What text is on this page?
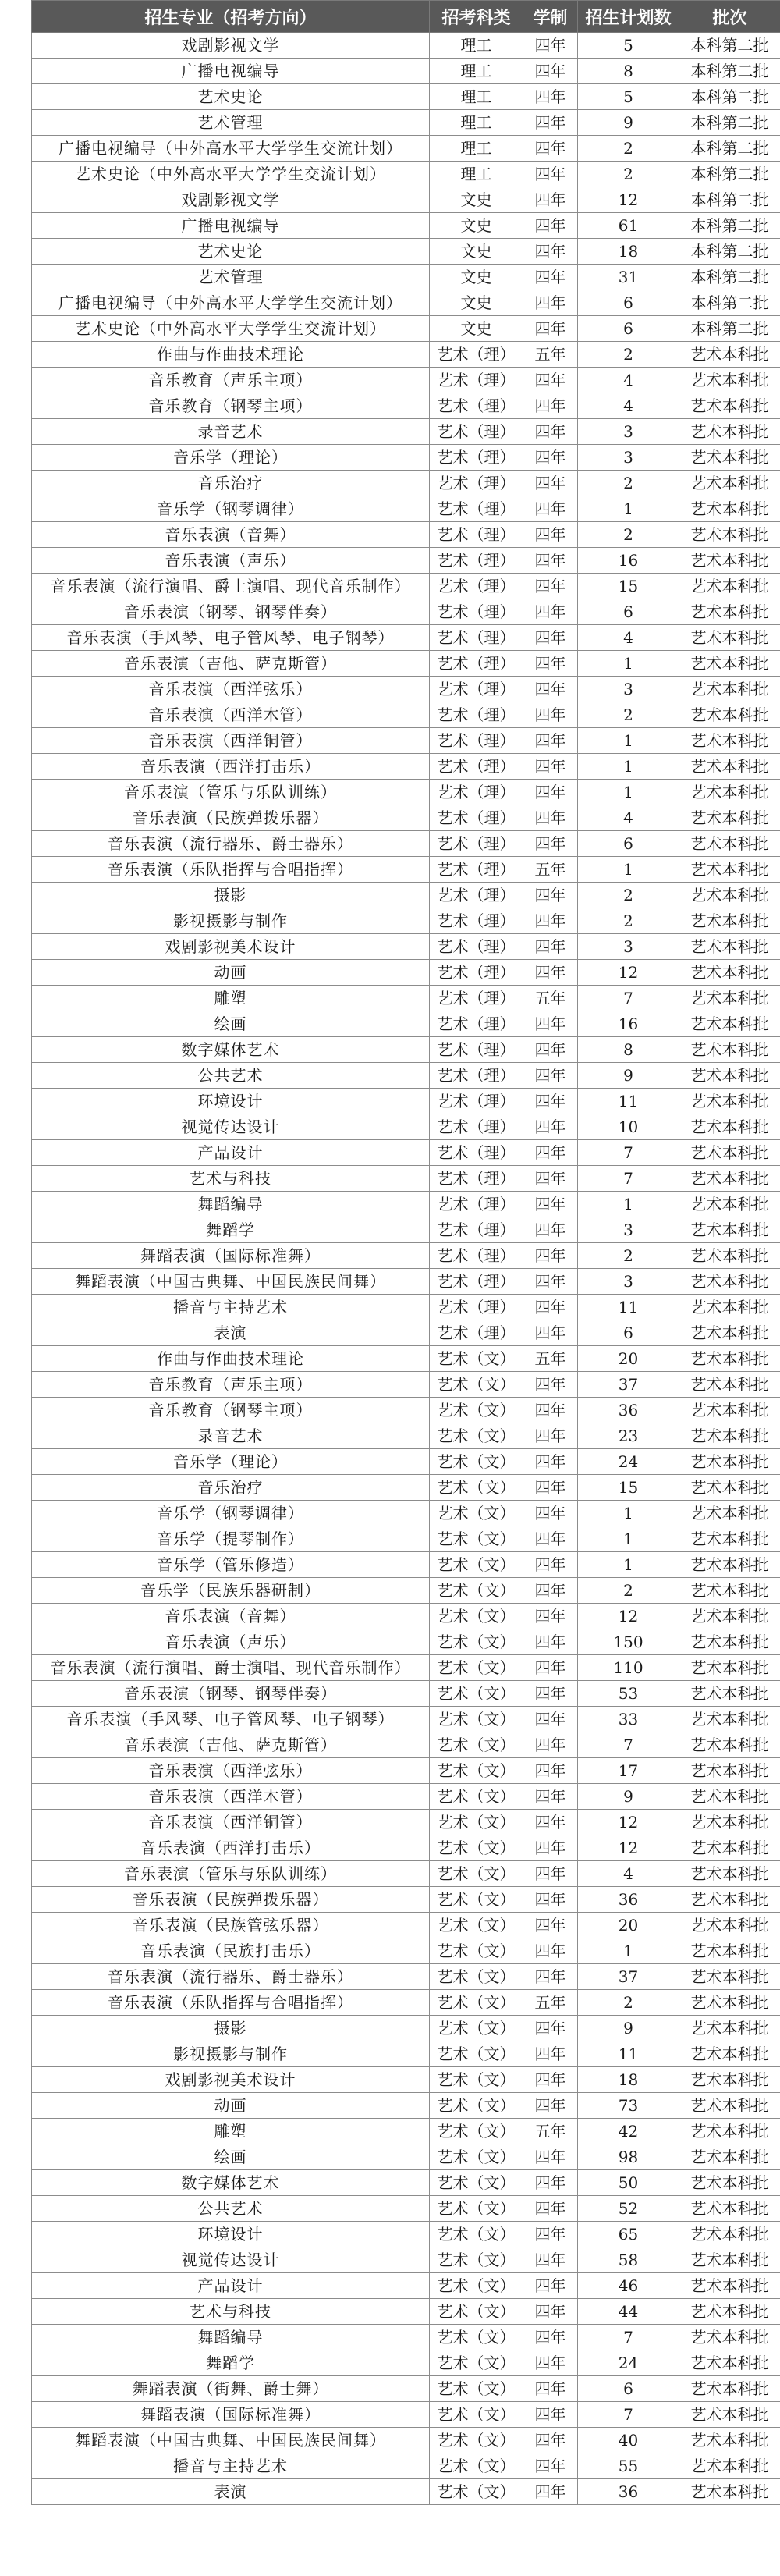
招生专业（招考方向）	招考科类	学制	招生计划数	批次
戏剧影视文学	理工	四年	5	本科第二批
广播电视编导	理工	四年	8	本科第二批
艺术史论	理工	四年	5	本科第二批
艺术管理	理工	四年	9	本科第二批
广播电视编导（中外高水平大学学生交流计划）	理工	四年	2	本科第二批
艺术史论（中外高水平大学学生交流计划）	理工	四年	2	本科第二批
戏剧影视文学	文史	四年	12	本科第二批
广播电视编导	文史	四年	61	本科第二批
艺术史论	文史	四年	18	本科第二批
艺术管理	文史	四年	31	本科第二批
广播电视编导（中外高水平大学学生交流计划）	文史	四年	6	本科第二批
艺术史论（中外高水平大学学生交流计划）	文史	四年	6	本科第二批
作曲与作曲技术理论	艺术（理）	五年	2	艺术本科批
音乐教育（声乐主项）	艺术（理）	四年	4	艺术本科批
音乐教育（钢琴主项）	艺术（理）	四年	4	艺术本科批
录音艺术	艺术（理）	四年	3	艺术本科批
音乐学（理论）	艺术（理）	四年	3	艺术本科批
音乐治疗	艺术（理）	四年	2	艺术本科批
音乐学（钢琴调律）	艺术（理）	四年	1	艺术本科批
音乐表演（音舞）	艺术（理）	四年	2	艺术本科批
音乐表演（声乐）	艺术（理）	四年	16	艺术本科批
音乐表演（流行演唱、爵士演唱、现代音乐制作）	艺术（理）	四年	15	艺术本科批
音乐表演（钢琴、钢琴伴奏）	艺术（理）	四年	6	艺术本科批
音乐表演（手风琴、电子管风琴、电子钢琴）	艺术（理）	四年	4	艺术本科批
音乐表演（吉他、萨克斯管）	艺术（理）	四年	1	艺术本科批
音乐表演（西洋弦乐）	艺术（理）	四年	3	艺术本科批
音乐表演（西洋木管）	艺术（理）	四年	2	艺术本科批
音乐表演（西洋铜管）	艺术（理）	四年	1	艺术本科批
音乐表演（西洋打击乐）	艺术（理）	四年	1	艺术本科批
音乐表演（管乐与乐队训练）	艺术（理）	四年	1	艺术本科批
音乐表演（民族弹拨乐器）	艺术（理）	四年	4	艺术本科批
音乐表演（流行器乐、爵士器乐）	艺术（理）	四年	6	艺术本科批
音乐表演（乐队指挥与合唱指挥）	艺术（理）	五年	1	艺术本科批
摄影	艺术（理）	四年	2	艺术本科批
影视摄影与制作	艺术（理）	四年	2	艺术本科批
戏剧影视美术设计	艺术（理）	四年	3	艺术本科批
动画	艺术（理）	四年	12	艺术本科批
雕塑	艺术（理）	五年	7	艺术本科批
绘画	艺术（理）	四年	16	艺术本科批
数字媒体艺术	艺术（理）	四年	8	艺术本科批
公共艺术	艺术（理）	四年	9	艺术本科批
环境设计	艺术（理）	四年	11	艺术本科批
视觉传达设计	艺术（理）	四年	10	艺术本科批
产品设计	艺术（理）	四年	7	艺术本科批
艺术与科技	艺术（理）	四年	7	艺术本科批
舞蹈编导	艺术（理）	四年	1	艺术本科批
舞蹈学	艺术（理）	四年	3	艺术本科批
舞蹈表演（国际标准舞）	艺术（理）	四年	2	艺术本科批
舞蹈表演（中国古典舞、中国民族民间舞）	艺术（理）	四年	3	艺术本科批
播音与主持艺术	艺术（理）	四年	11	艺术本科批
表演	艺术（理）	四年	6	艺术本科批
作曲与作曲技术理论	艺术（文）	五年	20	艺术本科批
音乐教育（声乐主项）	艺术（文）	四年	37	艺术本科批
音乐教育（钢琴主项）	艺术（文）	四年	36	艺术本科批
录音艺术	艺术（文）	四年	23	艺术本科批
音乐学（理论）	艺术（文）	四年	24	艺术本科批
音乐治疗	艺术（文）	四年	15	艺术本科批
音乐学（钢琴调律）	艺术（文）	四年	1	艺术本科批
音乐学（提琴制作）	艺术（文）	四年	1	艺术本科批
音乐学（管乐修造）	艺术（文）	四年	1	艺术本科批
音乐学（民族乐器研制）	艺术（文）	四年	2	艺术本科批
音乐表演（音舞）	艺术（文）	四年	12	艺术本科批
音乐表演（声乐）	艺术（文）	四年	150	艺术本科批
音乐表演（流行演唱、爵士演唱、现代音乐制作）	艺术（文）	四年	110	艺术本科批
音乐表演（钢琴、钢琴伴奏）	艺术（文）	四年	53	艺术本科批
音乐表演（手风琴、电子管风琴、电子钢琴）	艺术（文）	四年	33	艺术本科批
音乐表演（吉他、萨克斯管）	艺术（文）	四年	7	艺术本科批
音乐表演（西洋弦乐）	艺术（文）	四年	17	艺术本科批
音乐表演（西洋木管）	艺术（文）	四年	9	艺术本科批
音乐表演（西洋铜管）	艺术（文）	四年	12	艺术本科批
音乐表演（西洋打击乐）	艺术（文）	四年	12	艺术本科批
音乐表演（管乐与乐队训练）	艺术（文）	四年	4	艺术本科批
音乐表演（民族弹拨乐器）	艺术（文）	四年	36	艺术本科批
音乐表演（民族管弦乐器）	艺术（文）	四年	20	艺术本科批
音乐表演（民族打击乐）	艺术（文）	四年	1	艺术本科批
音乐表演（流行器乐、爵士器乐）	艺术（文）	四年	37	艺术本科批
音乐表演（乐队指挥与合唱指挥）	艺术（文）	五年	2	艺术本科批
摄影	艺术（文）	四年	9	艺术本科批
影视摄影与制作	艺术（文）	四年	11	艺术本科批
戏剧影视美术设计	艺术（文）	四年	18	艺术本科批
动画	艺术（文）	四年	73	艺术本科批
雕塑	艺术（文）	五年	42	艺术本科批
绘画	艺术（文）	四年	98	艺术本科批
数字媒体艺术	艺术（文）	四年	50	艺术本科批
公共艺术	艺术（文）	四年	52	艺术本科批
环境设计	艺术（文）	四年	65	艺术本科批
视觉传达设计	艺术（文）	四年	58	艺术本科批
产品设计	艺术（文）	四年	46	艺术本科批
艺术与科技	艺术（文）	四年	44	艺术本科批
舞蹈编导	艺术（文）	四年	7	艺术本科批
舞蹈学	艺术（文）	四年	24	艺术本科批
舞蹈表演（街舞、爵士舞）	艺术（文）	四年	6	艺术本科批
舞蹈表演（国际标准舞）	艺术（文）	四年	7	艺术本科批
舞蹈表演（中国古典舞、中国民族民间舞）	艺术（文）	四年	40	艺术本科批
播音与主持艺术	艺术（文）	四年	55	艺术本科批
表演	艺术（文）	四年	36	艺术本科批
